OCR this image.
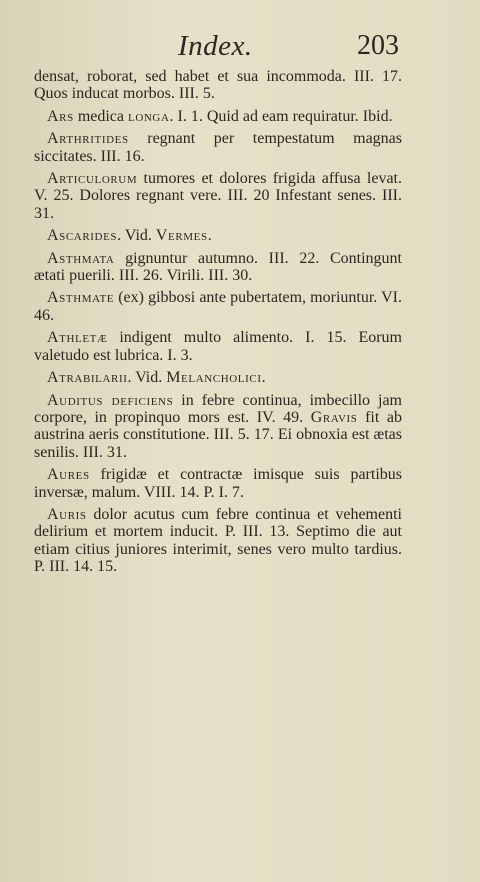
Index.	203

densat, roborat, sed habet et sua incommoda. III. 17. Quos inducat morbos. III. 5.

Ars medica longa. I. 1. Quid ad eam requiratur. Ibid.

Arthritides regnant per tempestatum magnas siccitates. III. 16.

Articulorum tumores et dolores frigida affusa levat. V. 25. Dolores regnant vere. III. 20 Infestant senes. III. 31.

Ascarides. Vid. Vermes.

Asthmata gignuntur autumno. III. 22. Contingunt ætati puerili. III. 26. Virili. III. 30.

Asthmate (ex) gibbosi ante pubertatem, moriuntur. VI. 46.

Athletæ indigent multo alimento. I. 15. Eorum valetudo est lubrica. I. 3.

Atrabilarii. Vid. Melancholici.

Auditus deficiens in febre continua, imbecillo jam corpore, in propinquo mors est. IV. 49. Gravis fit ab austrina aeris constitutione. III. 5. 17. Ei obnoxia est ætas senilis. III. 31.

Aures frigidæ et contractæ imisque suis partibus inversæ, malum. VIII. 14. P. I. 7.

Auris dolor acutus cum febre continua et vehementi delirium et mortem inducit. P. III. 13. Septimo die aut etiam citius juniores interimit, senes vero multo tardius. P. III. 14. 15.
